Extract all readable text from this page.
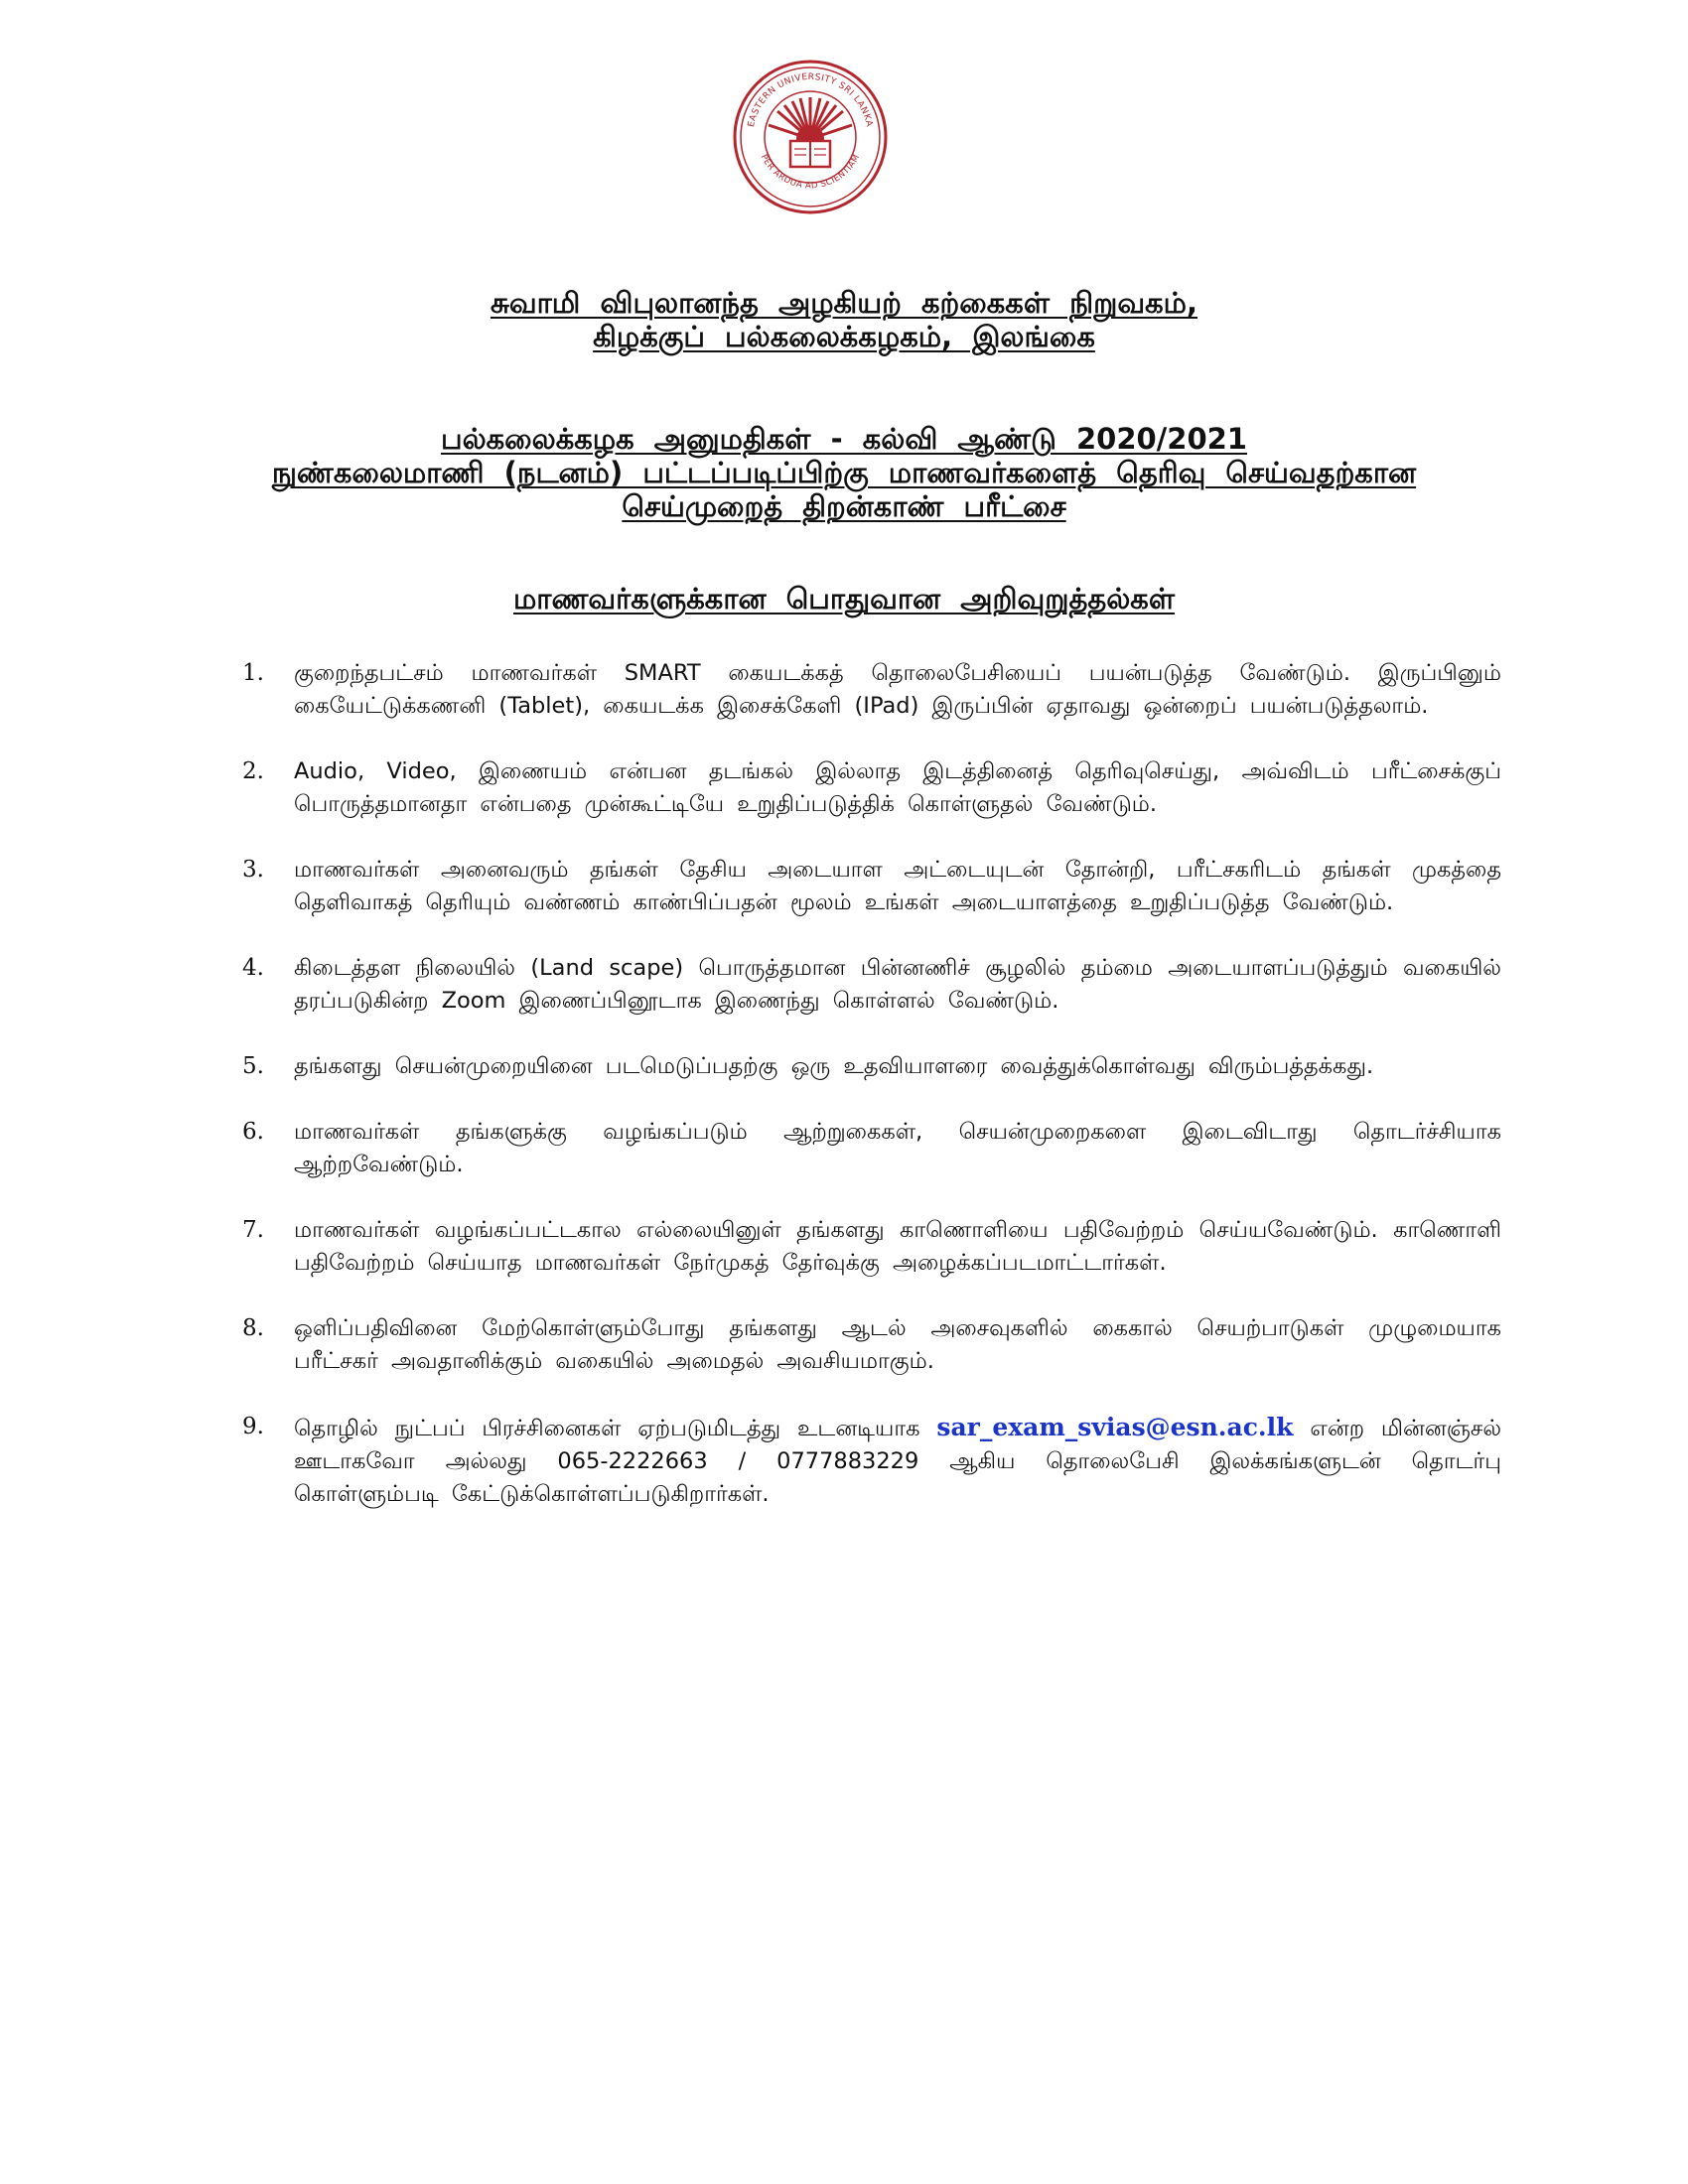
EASTERN UNIVERSITY SRI LANKA
PER ARDUA AD SCIENTIAM
சுவாமி விபுலானந்த அழகியற் கற்கைகள் நிறுவகம்,
கிழக்குப் பல்கலைக்கழகம், இலங்கை
பல்கலைக்கழக அனுமதிகள் - கல்வி ஆண்டு 2020/2021
நுண்கலைமாணி (நடனம்) பட்டப்படிப்பிற்கு மாணவர்களைத் தெரிவு செய்வதற்கான
செய்முறைத் திறன்காண் பரீட்சை
மாணவர்களுக்கான பொதுவான அறிவுறுத்தல்கள்
1. குறைந்தபட்சம் மாணவர்கள் SMART கையடக்கத் தொலைபேசியைப் பயன்படுத்த வேண்டும். இருப்பினும் கையேட்டுக்கணனி (Tablet), கையடக்க இசைக்கேளி (IPad) இருப்பின் ஏதாவது ஒன்றைப் பயன்படுத்தலாம்.
2. Audio, Video, இணையம் என்பன தடங்கல் இல்லாத இடத்தினைத் தெரிவுசெய்து, அவ்விடம் பரீட்சைக்குப் பொருத்தமானதா என்பதை முன்கூட்டியே உறுதிப்படுத்திக் கொள்ளுதல் வேண்டும்.
3. மாணவர்கள் அனைவரும் தங்கள் தேசிய அடையாள அட்டையுடன் தோன்றி, பரீட்சகரிடம் தங்கள் முகத்தை தெளிவாகத் தெரியும் வண்ணம் காண்பிப்பதன் மூலம் உங்கள் அடையாளத்தை உறுதிப்படுத்த வேண்டும்.
4. கிடைத்தள நிலையில் (Land scape) பொருத்தமான பின்னணிச் சூழலில் தம்மை அடையாளப்படுத்தும் வகையில் தரப்படுகின்ற Zoom இணைப்பினூடாக இணைந்து கொள்ளல் வேண்டும்.
5. தங்களது செயன்முறையினை படமெடுப்பதற்கு ஒரு உதவியாளரை வைத்துக்கொள்வது விரும்பத்தக்கது.
6. மாணவர்கள் தங்களுக்கு வழங்கப்படும் ஆற்றுகைகள், செயன்முறைகளை இடைவிடாது தொடர்ச்சியாக ஆற்றவேண்டும்.
7. மாணவர்கள் வழங்கப்பட்டகால எல்லையினுள் தங்களது காணொளியை பதிவேற்றம் செய்யவேண்டும். காணொளி பதிவேற்றம் செய்யாத மாணவர்கள் நேர்முகத் தேர்வுக்கு அழைக்கப்படமாட்டார்கள்.
8. ஒளிப்பதிவினை மேற்கொள்ளும்போது தங்களது ஆடல் அசைவுகளில் கைகால் செயற்பாடுகள் முழுமையாக பரீட்சகர் அவதானிக்கும் வகையில் அமைதல் அவசியமாகும்.
9. தொழில் நுட்பப் பிரச்சினைகள் ஏற்படுமிடத்து உடனடியாக sar_exam_svias@esn.ac.lk என்ற மின்னஞ்சல் ஊடாகவோ அல்லது 065-2222663 / 0777883229 ஆகிய தொலைபேசி இலக்கங்களுடன் தொடர்பு கொள்ளும்படி கேட்டுக்கொள்ளப்படுகிறார்கள்.
